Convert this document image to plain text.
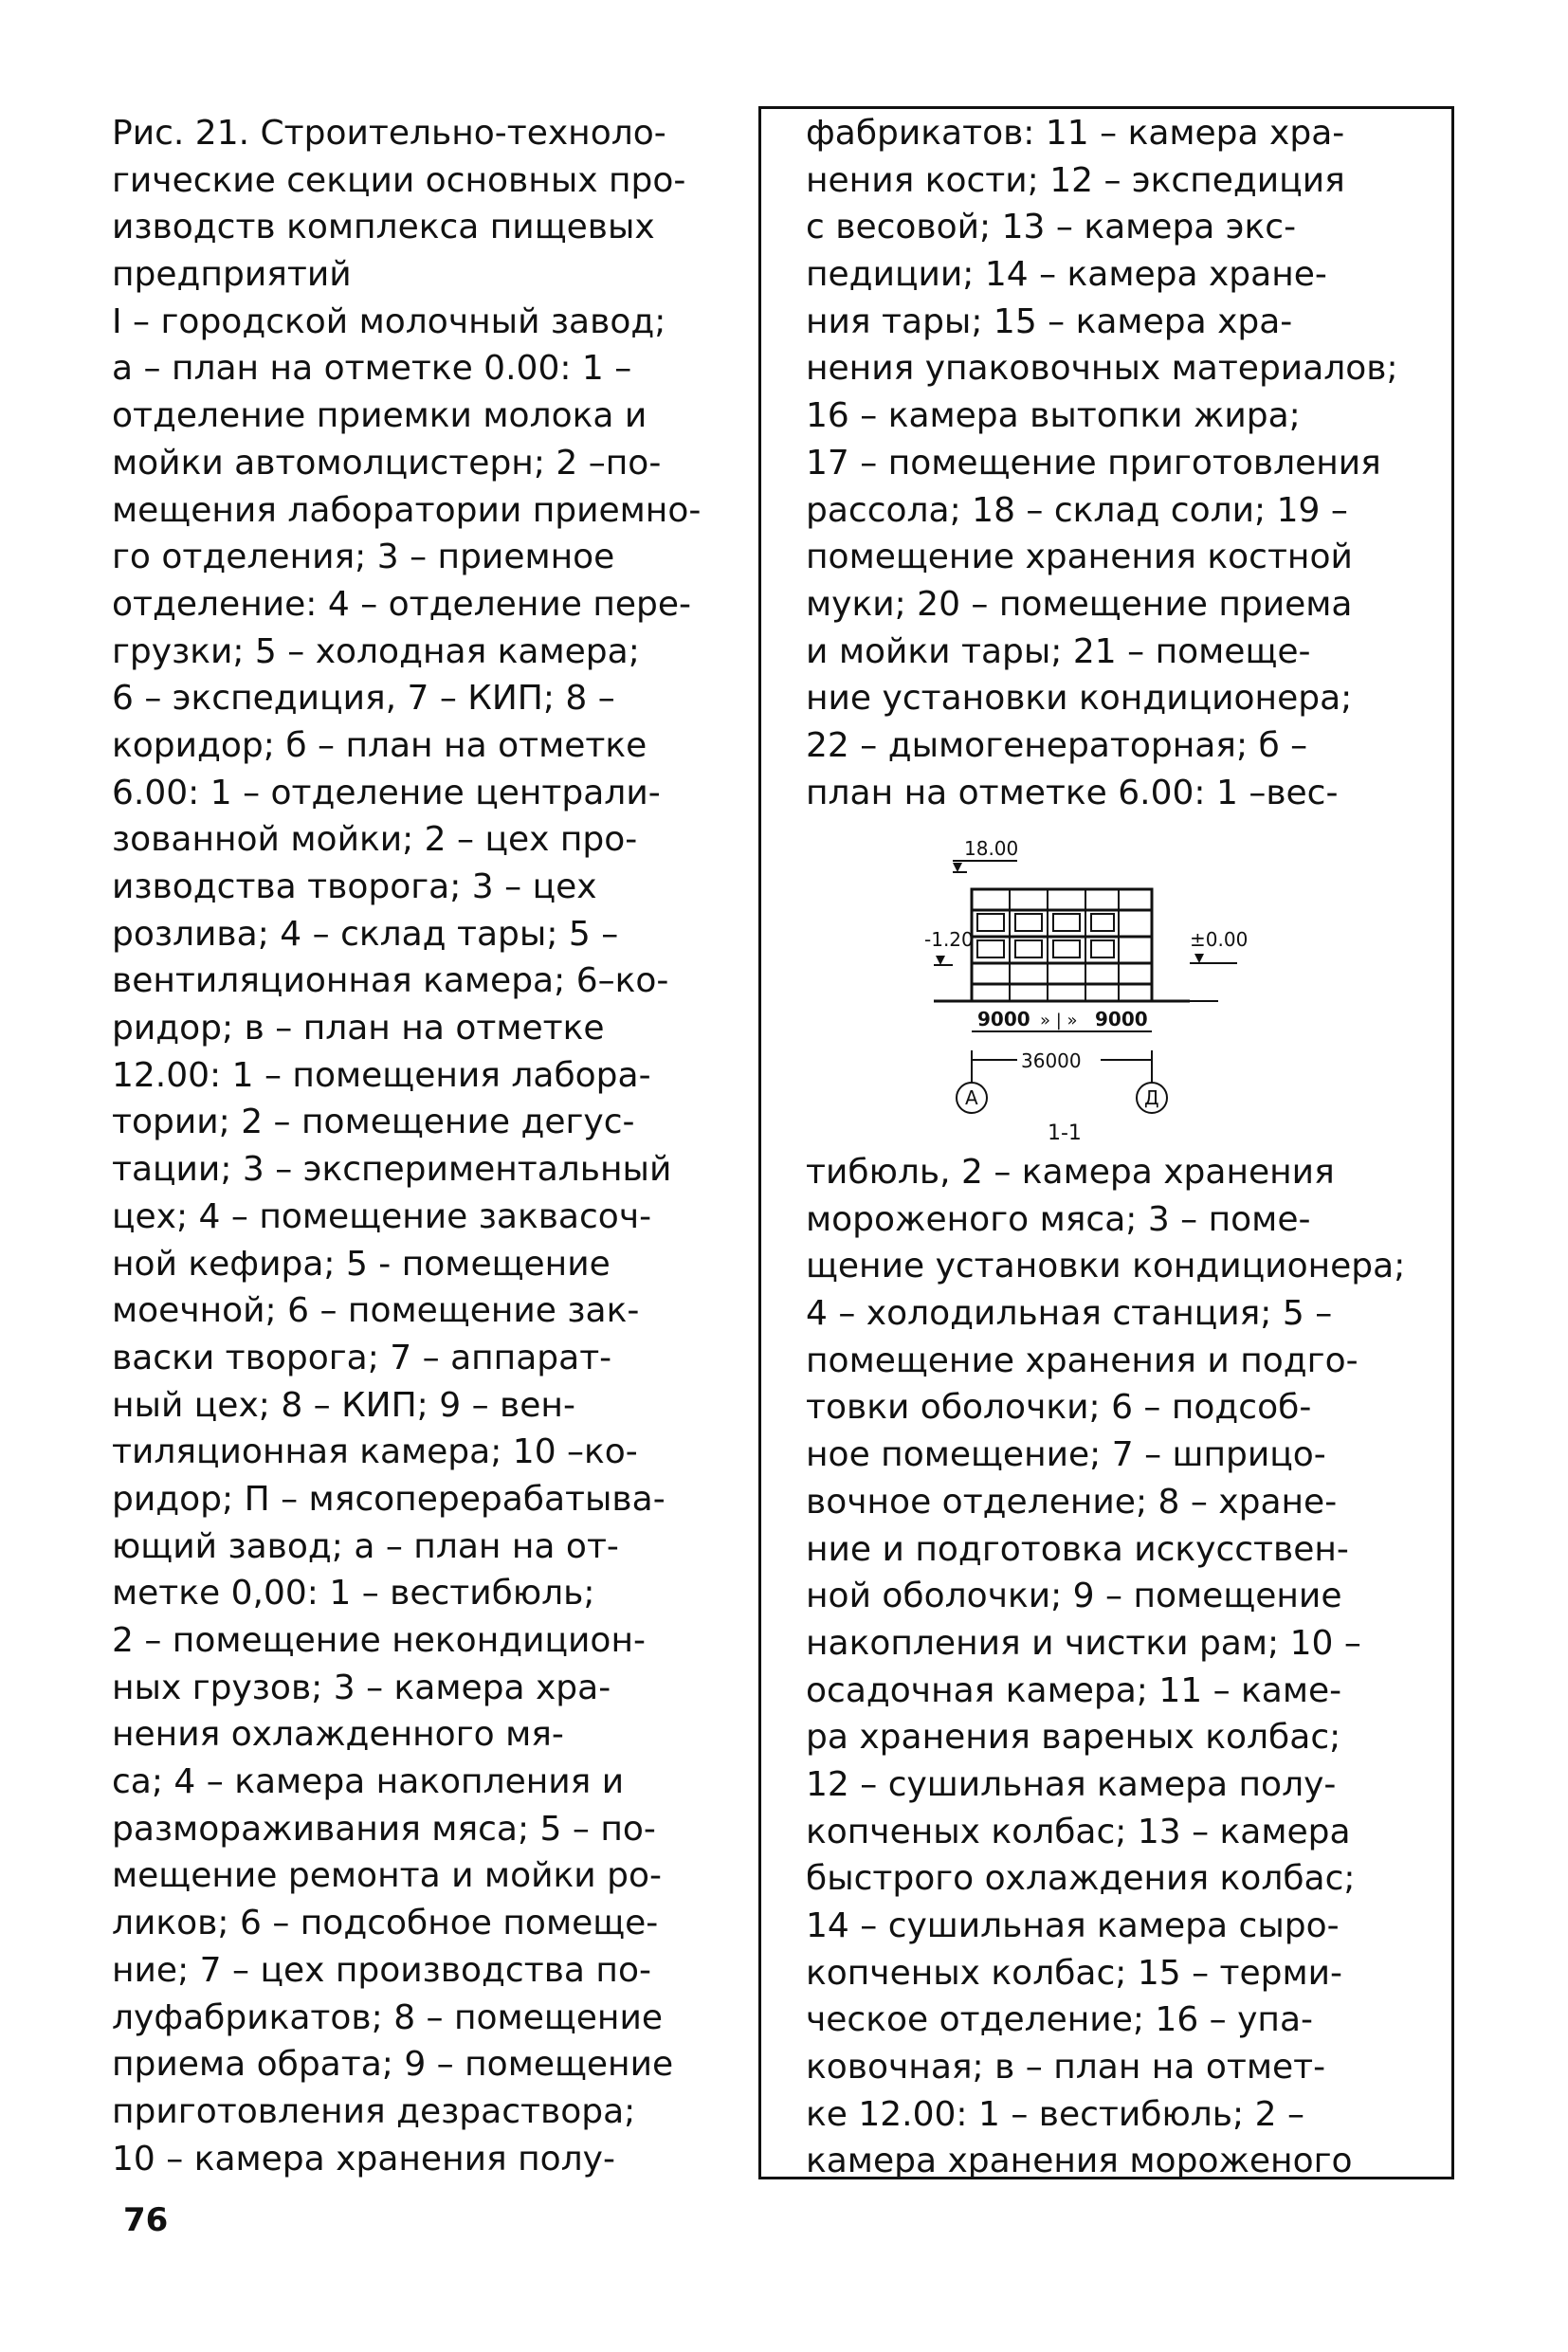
Рис. 21. Строительно-техноло-
гические секции основных про-
изводств комплекса пищевых
предприятий
I – городской молочный завод;
а – план на отметке 0.00: 1 –
отделение приемки молока и
мойки автомолцистерн; 2 –по-
мещения лаборатории приемно-
го отделения; 3 – приемное
отделение: 4 – отделение пере-
грузки; 5 – холодная камера;
6 – экспедиция, 7 – КИП; 8 –
коридор; б – план на отметке
6.00: 1 – отделение централи-
зованной мойки; 2 – цех про-
изводства творога; 3 – цех
розлива; 4 – склад тары; 5 –
вентиляционная камера; 6–ко-
ридор; в – план на отметке
12.00: 1 – помещения лабора-
тории; 2 – помещение дегус-
тации; 3 – экспериментальный
цех; 4 – помещение заквасоч-
ной кефира; 5 - помещение
моечной; 6 – помещение зак-
васки творога; 7 – аппарат-
ный цех; 8 – КИП; 9 – вен-
тиляционная камера; 10 –ко-
ридор; П – мясоперерабатыва-
ющий завод; а – план на от-
метке 0,00: 1 – вестибюль;
2 – помещение некондицион-
ных грузов; 3 – камера хра-
нения охлажденного мя-
са; 4 – камера накопления и
размораживания мяса; 5 – по-
мещение ремонта и мойки ро-
ликов; 6 – подсобное помеще-
ние; 7 – цех производства по-
луфабрикатов; 8 – помещение
приема обрата; 9 – помещение
приготовления дезраствора;
10 – камера хранения полу-
фабрикатов: 11 – камера хра-
нения кости; 12 – экспедиция
с весовой; 13 – камера экс-
педиции; 14 – камера хране-
ния тары; 15 – камера хра-
нения упаковочных материалов;
16 – камера вытопки жира;
17 – помещение приготовления
рассола; 18 – склад соли; 19 –
помещение хранения костной
муки; 20 – помещение приема
и мойки тары; 21 – помеще-
ние установки кондиционера;
22 – дымогенераторная; б –
план на отметке 6.00: 1 –вес-
18.00
-1.20	±0.00
9000 » | » 9000
36000
А	Д
1-1
тибюль, 2 – камера хранения
мороженого мяса; 3 – поме-
щение установки кондиционера;
4 – холодильная станция; 5 –
помещение хранения и подго-
товки оболочки; 6 – подсоб-
ное помещение; 7 – шприцо-
вочное отделение; 8 – хране-
ние и подготовка искусствен-
ной оболочки; 9 – помещение
накопления и чистки рам; 10 –
осадочная камера; 11 – каме-
ра хранения вареных колбас;
12 – сушильная камера полу-
копченых колбас; 13 – камера
быстрого охлаждения колбас;
14 – сушильная камера сыро-
копченых колбас; 15 – терми-
ческое отделение; 16 – упа-
ковочная; в – план на отмет-
ке 12.00: 1 – вестибюль; 2 –
камера хранения мороженого
76
